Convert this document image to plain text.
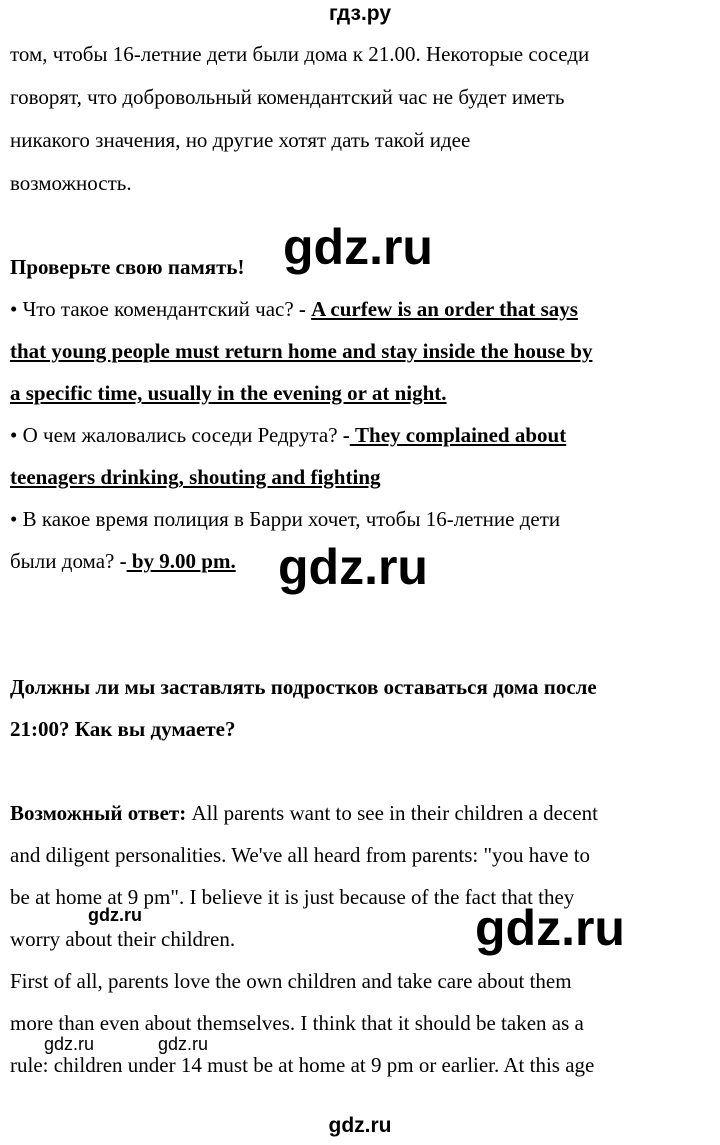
гдз.ру
том, чтобы 16-летние дети были дома к 21.00. Некоторые соседи
говорят, что добровольный комендантский час не будет иметь
никакого значения, но другие хотят дать такой идее
возможность.
Проверьте свою память!
• Что такое комендантский час? - A curfew is an order that says
that young people must return home and stay inside the house by
a specific time, usually in the evening or at night.
• О чем жаловались соседи Редрута? - They complained about
teenagers drinking, shouting and fighting
• В какое время полиция в Барри хочет, чтобы 16-летние дети
были дома? - by 9.00 pm.
Должны ли мы заставлять подростков оставаться дома после
21:00? Как вы думаете?
Возможный ответ: All parents want to see in their children a decent
and diligent personalities. We've all heard from parents: "you have to
be at home at 9 pm". I believe it is just because of the fact that they
worry about their children.
First of all, parents love the own children and take care about them
more than even about themselves. I think that it should be taken as a
rule: children under 14 must be at home at 9 pm or earlier. At this age
gdz.ru
gdz.ru
gdz.ru
gdz.ru
gdz.ru	gdz.ru
gdz.ru
